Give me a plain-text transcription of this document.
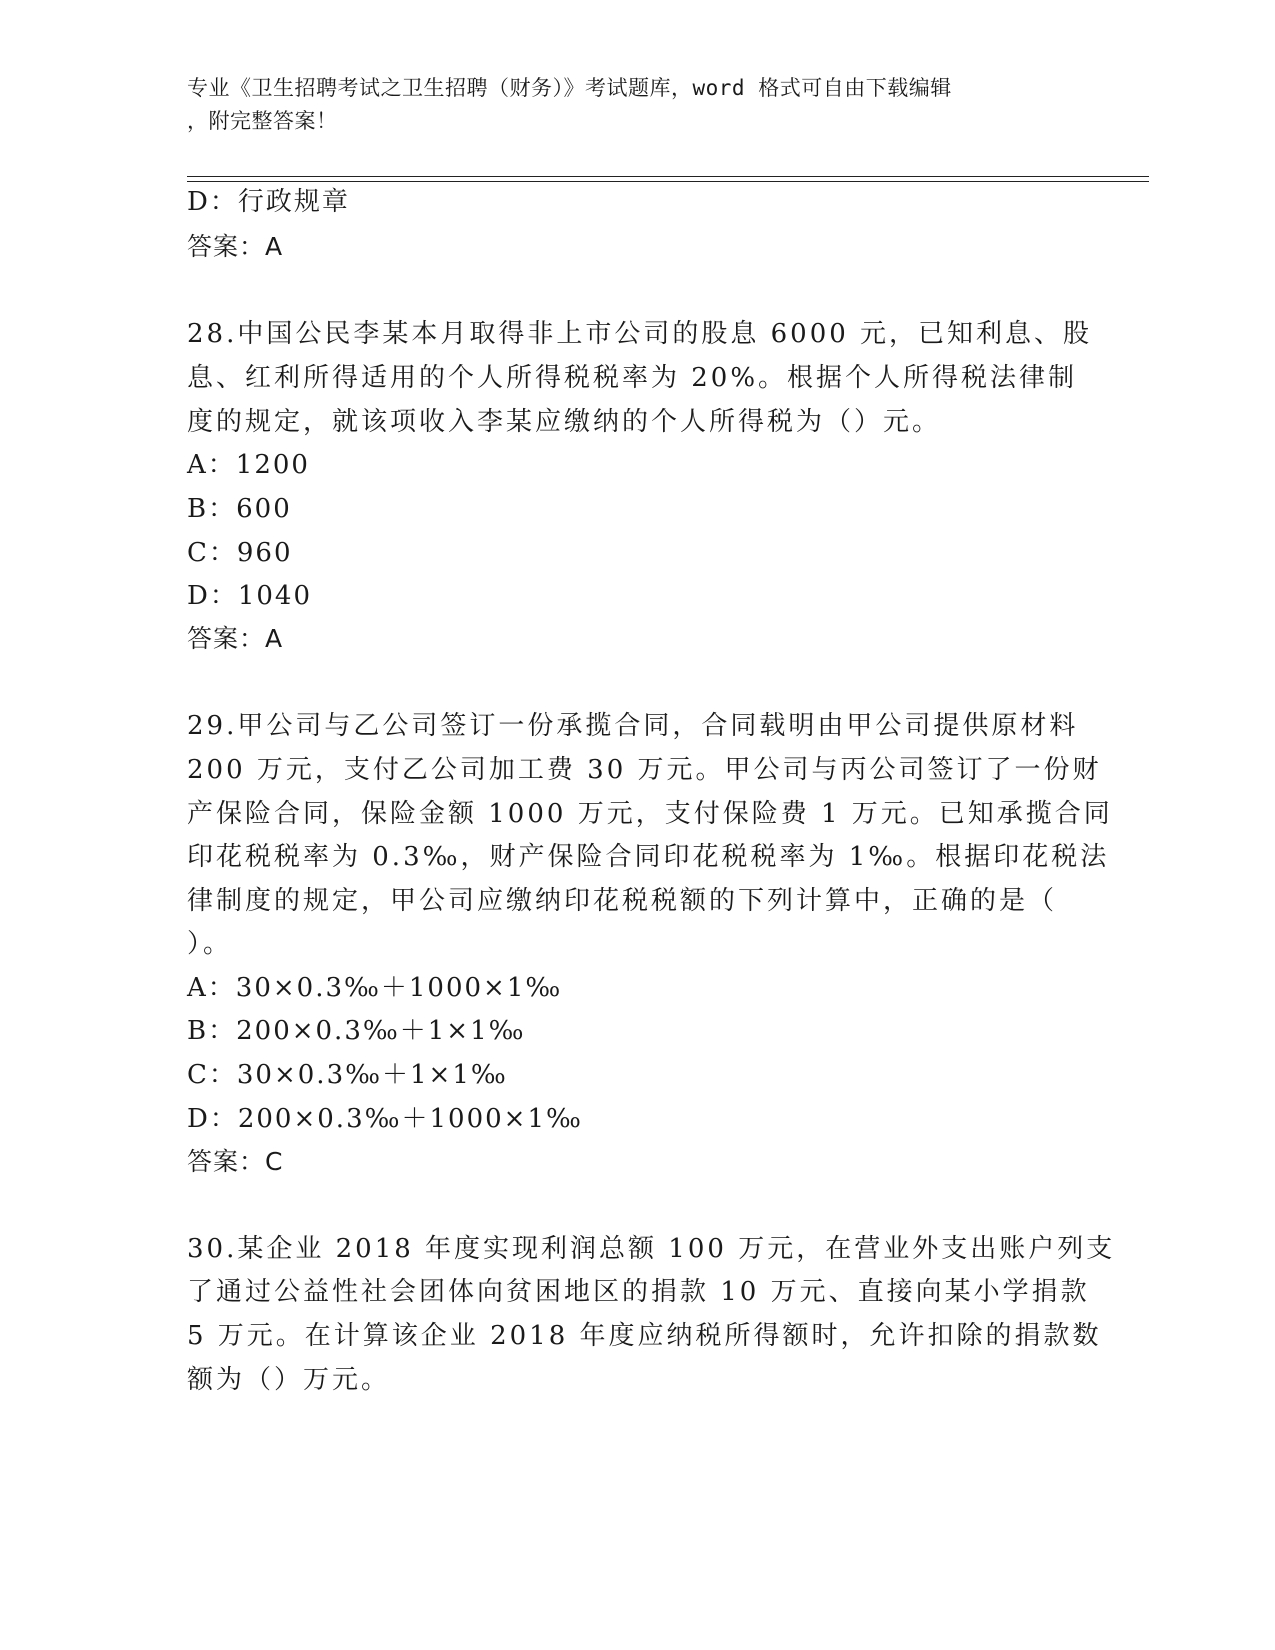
专业《卫生招聘考试之卫生招聘（财务）》考试题库，word 格式可自由下载编辑
，附完整答案！
D：行政规章
答案：A
28.中国公民李某本月取得非上市公司的股息 6000 元，已知利息、股
息、红利所得适用的个人所得税税率为 20%。根据个人所得税法律制
度的规定，就该项收入李某应缴纳的个人所得税为（）元。
A：1200
B：600
C：960
D：1040
答案：A
29.甲公司与乙公司签订一份承揽合同，合同载明由甲公司提供原材料
200 万元，支付乙公司加工费 30 万元。甲公司与丙公司签订了一份财
产保险合同，保险金额 1000 万元，支付保险费 1 万元。已知承揽合同
印花税税率为 0.3‰，财产保险合同印花税税率为 1‰。根据印花税法
律制度的规定，甲公司应缴纳印花税税额的下列计算中，正确的是（
）。
A：30×0.3‰＋1000×1‰
B：200×0.3‰＋1×1‰
C：30×0.3‰＋1×1‰
D：200×0.3‰＋1000×1‰
答案：C
30.某企业 2018 年度实现利润总额 100 万元，在营业外支出账户列支
了通过公益性社会团体向贫困地区的捐款 10 万元、直接向某小学捐款
5 万元。在计算该企业 2018 年度应纳税所得额时，允许扣除的捐款数
额为（）万元。
